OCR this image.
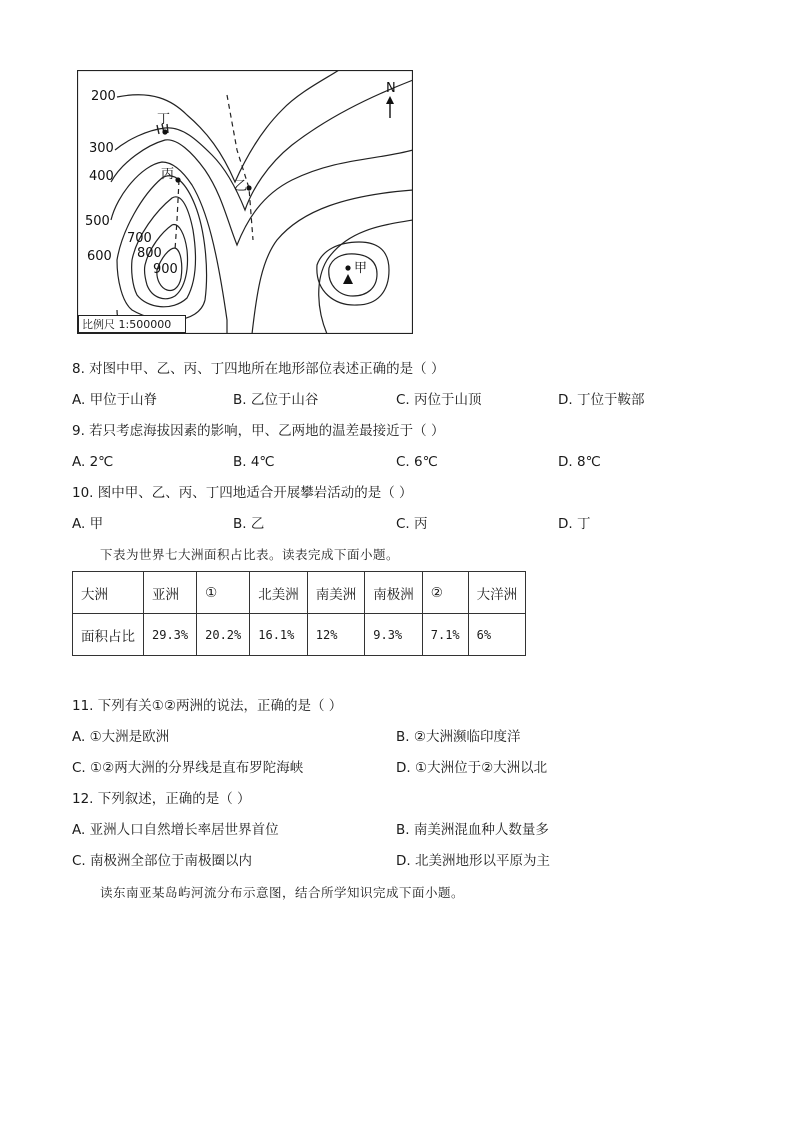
丁
丙
乙
甲
200
300
400
500
600
700
800
900
N
比例尺 1:500000
8. 对图中甲、乙、丙、丁四地所在地形部位表述正确的是（ ）
A. 甲位于山脊	B. 乙位于山谷	C. 丙位于山顶	D. 丁位于鞍部
9. 若只考虑海拔因素的影响，甲、乙两地的温差最接近于（ ）
A. 2℃	B. 4℃	C. 6℃	D. 8℃
10. 图中甲、乙、丙、丁四地适合开展攀岩活动的是（ ）
A. 甲	B. 乙	C. 丙	D. 丁
下表为世界七大洲面积占比表。读表完成下面小题。
大洲	亚洲	①	北美洲	南美洲	南极洲	②	大洋洲
面积占比	29.3%	20.2%	16.1%	12%	9.3%	7.1%	6%
11. 下列有关①②两洲的说法，正确的是（ ）
A. ①大洲是欧洲	B. ②大洲濒临印度洋
C. ①②两大洲的分界线是直布罗陀海峡	D. ①大洲位于②大洲以北
12. 下列叙述，正确的是（ ）
A. 亚洲人口自然增长率居世界首位	B. 南美洲混血种人数量多
C. 南极洲全部位于南极圈以内	D. 北美洲地形以平原为主
读东南亚某岛屿河流分布示意图，结合所学知识完成下面小题。
